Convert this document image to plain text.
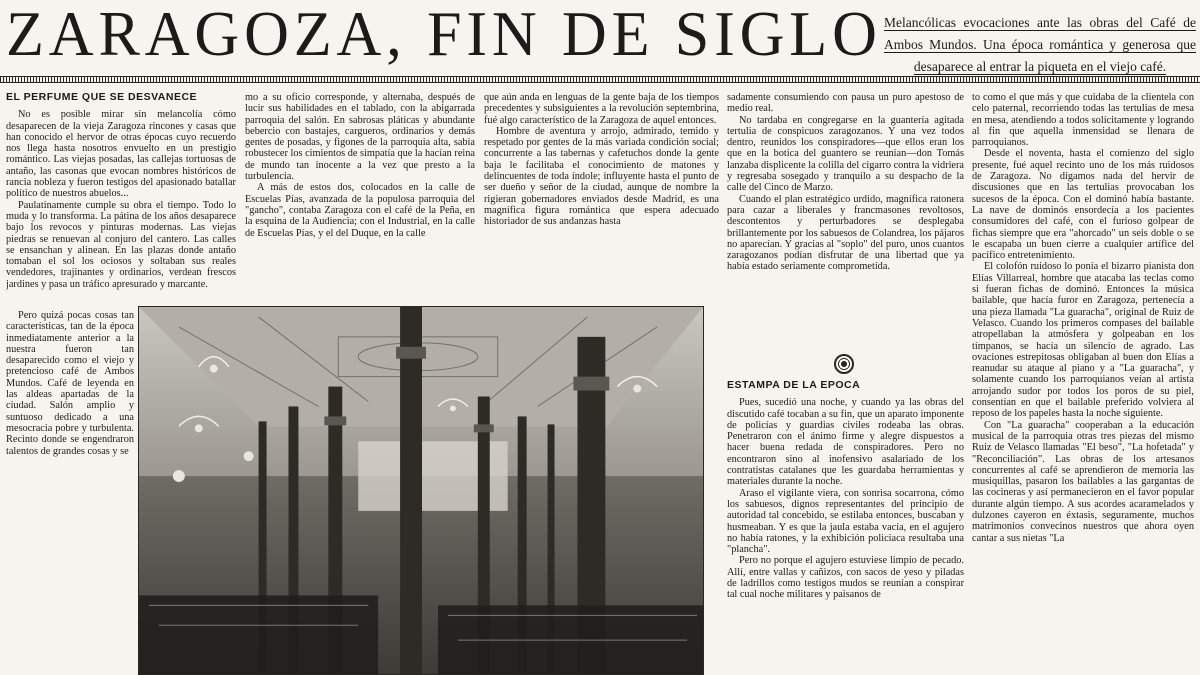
ZARAGOZA, FIN DE SIGLO Melancólicas evocaciones ante las obras del Café de Ambos Mundos. Una época romántica y generosa que desaparece al entrar la piqueta en el viejo café.
EL PERFUME QUE SE DESVANECE

No es posible mirar sin melancolía cómo desaparecen de la vieja Zaragoza rincones y casas que han conocido el hervor de otras épocas cuyo recuerdo nos llega hasta nosotros envuelto en un prestigio romántico. Las viejas posadas, las callejas tortuosas de antaño, las casonas que evocan nombres históricos de rancia nobleza y fueron testigos del apasionado batallar político de nuestros abuelos...

Paulatinamente cumple su obra el tiempo. Todo lo muda y lo transforma. La pátina de los años desaparece bajo los revocos y pinturas modernas. Las viejas piedras se renuevan al conjuro del cantero. Las calles se ensanchan y alinean. En las plazas donde antaño tomaban el sol los ociosos y soltaban sus reales vendedores, trajinantes y ordinarios, verdean frescos jardines y pasa un tráfico apresurado y marcante.

Pero quizá pocas cosas tan características, tan de la época inmediatamente anterior a la nuestra fueron tan desaparecido como el viejo y pretencioso café de Ambos Mundos. Café de leyenda en las aldeas apartadas de la ciudad. Salón amplio y suntuoso dedicado a una mesocracia pobre y turbulenta. Recinto donde se engendraron talentos de grandes cosas y se

mo a su oficio corresponde, y alternaba, después de lucir sus habilidades en el tablado, con la abigarrada parroquia del salón. En sabrosas pláticas y abundante bebercio con bastajes, cargueros, ordinarios y demás gentes de posadas, y figones de la parroquia alta, sabía robustecer los cimientos de simpatía que la hacían reina de mundo tan inocente a la vez que presto a la turbulencia.

A más de estos dos, colocados en la calle de Escuelas Pías, avanzada de la populosa parroquia del "gancho", contaba Zaragoza con el café de la Peña, en la esquina de la Audiencia; con el Industrial, en la calle de Escuelas Pías, y el del Duque, en la calle

que aún anda en lenguas de la gente baja de los tiempos precedentes y subsiguientes a la revolución septembrina, fué algo característico de la Zaragoza de aquel entonces.

Hombre de aventura y arrojo, admirado, temido y respetado por gentes de la más variada condición social; concurrente a las tabernas y cafetuchos donde la gente baja le facilitaba el conocimiento de matones y delincuentes de toda índole; influyente hasta el punto de ser dueño y señor de la ciudad, aunque de nombre la rigieran gobernadores enviados desde Madrid, es una magnífica figura romántica que espera adecuado historiador de sus andanzas hasta

sadamente consumiendo con pausa un puro apestoso de medio real.

No tardaba en congregarse en la guantería agitada tertulia de conspicuos zaragozanos. Y una vez todos dentro, reunidos los conspiradores—que ellos eran los que en la botica del guantero se reunían—don Tomás lanzaba displicente la colilla del cigarro contra la vidriera y regresaba sosegado y tranquilo a su despacho de la calle del Cinco de Marzo.

Cuando el plan estratégico urdido, magnífica ratonera para cazar a liberales y francmasones revoltosos, descontentos y perturbadores se desplegaba brillantemente por los sabuesos de Colandrea, los pájaros no aparecían. Y gracias al "soplo" del puro, unos cuantos zaragozanos podían disfrutar de una libertad que ya había estado seriamente comprometida.

ESTAMPA DE LA EPOCA

Pues, sucedió una noche, y cuando ya las obras del discutido café tocaban a su fin, que un aparato imponente de policías y guardias civiles rodeaba las obras. Penetraron con el ánimo firme y alegre dispuestos a hacer buena redada de conspiradores. Pero no encontraron sino al inofensivo asalariado de los contratistas catalanes que les guardaba herramientas y materiales durante la noche.

Araso el vigilante viera, con sonrisa socarrona, cómo los sabuesos, dignos representantes del principio de autoridad tal concebido, se estilaba entonces, buscaban y husmeaban. Y es que la jaula estaba vacía, en el agujero no había ratones, y la exhibición policiaca resultaba una "plancha".

Pero no porque el agujero estuviese limpio de pecado. Allí, entre vallas y cañizos, con sacos de yeso y piladas de ladrillos como testigos mudos se reunían a conspirar tal cual noche militares y paisanos de

to como el que más y que cuidaba de la clientela con celo paternal, recorriendo todas las tertulias de mesa en mesa, atendiendo a todos solícitamente y logrando al fin que aquella inmensidad se llenara de parroquianos.

Desde el noventa, hasta el comienzo del siglo presente, fué aquel recinto uno de los más ruidosos de Zaragoza. No digamos nada del hervir de discusiones que en las tertulias provocaban los sucesos de la época. Con el dominó había bastante. La nave de dominós ensordecía a los pacientes consumidores del café, con el furioso golpear de fichas siempre que era "ahorcado" un seis doble o se le escapaba un buen cierre a cualquier artífice del pacífico entretenimiento.

El colofón ruidoso lo ponía el bizarro pianista don Elías Villarreal, hombre que atacaba las teclas como si fueran fichas de dominó. Entonces la música bailable, que hacía furor en Zaragoza, pertenecía a una pieza llamada "La guaracha", original de Ruiz de Velasco. Cuando los primeros compases del bailable atropellaban la atmósfera y golpeaban en los tímpanos, se hacía un silencio de agrado. Las ovaciones estrepitosas obligaban al buen don Elías a reanudar su ataque al piano y a "La guaracha", y solamente cuando los parroquianos veían al artista arrojando sudor por todos los poros de su piel, consentían en que el bailable preferido volviera al reposo de los papeles hasta la noche siguiente.

Con "La guaracha" cooperaban a la educación musical de la parroquia otras tres piezas del mismo Ruiz de Velasco llamadas "El beso", "La hofetada" y "Reconciliación". Las obras de los artesanos concurrentes al café se aprendieron de memoria las musiquillas, pasaron los bailables a las gargantas de las cocineras y así permanecieron en el favor popular durante algún tiempo. A sus acordes acaramelados y dulzones cayeron en éxtasis, seguramente, muchos matrimonios convecinos nuestros que ahora oyen cantar a sus nietas "La
